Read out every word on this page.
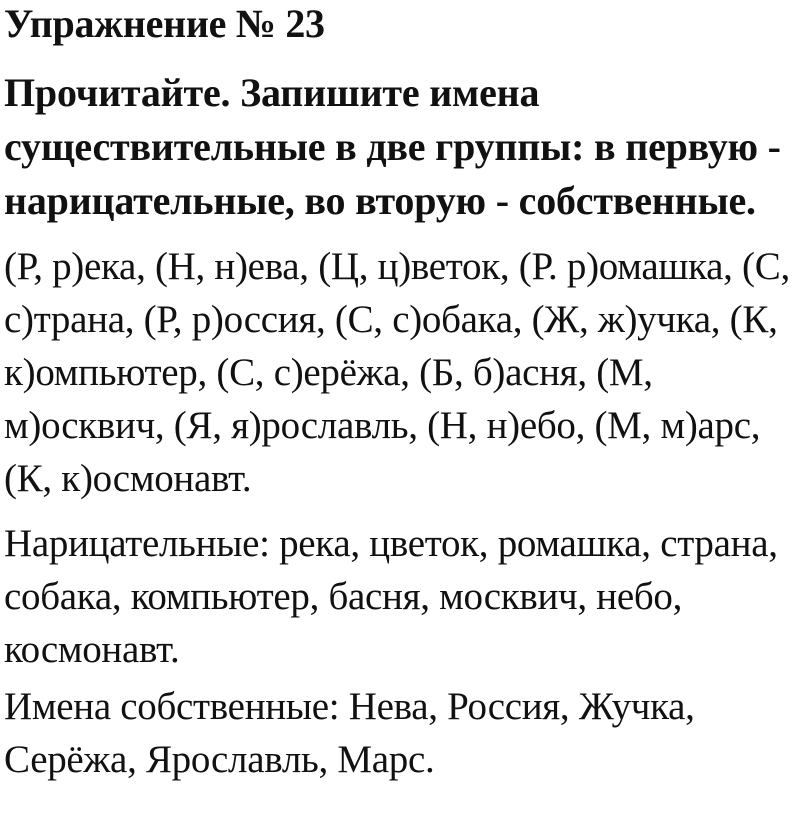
Упражнение № 23

Прочитайте. Запишите имена существительные в две группы: в первую - нарицательные, во вторую - собственные.

(Р, р)ека, (Н, н)ева, (Ц, ц)веток, (Р. р)омашка, (С, с)трана, (Р, р)оссия, (С, с)обака, (Ж, ж)учка, (К, к)омпьютер, (С, с)ерёжа, (Б, б)асня, (М, м)осквич, (Я, я)рославль, (Н, н)ебо, (М, м)арс, (К, к)осмонавт.

Нарицательные: река, цветок, ромашка, страна, собака, компьютер, басня, москвич, небо, космонавт.

Имена собственные: Нева, Россия, Жучка, Серёжа, Ярославль, Марс.
